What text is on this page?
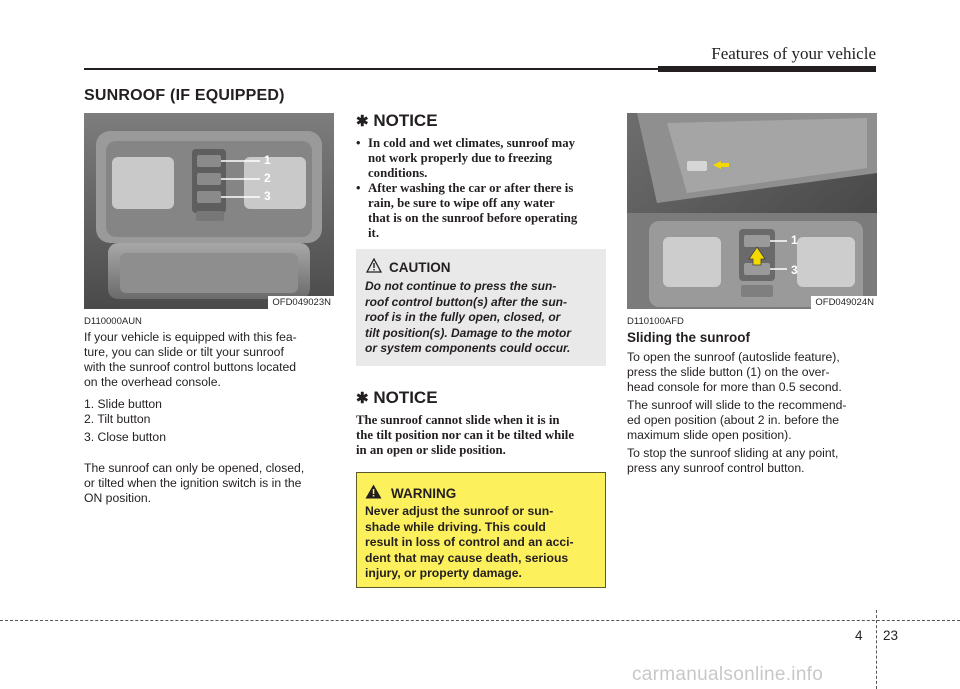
Features of your vehicle
SUNROOF (IF EQUIPPED)
1
2
3
OFD049023N
D110000AUN
If your vehicle is equipped with this fea-
ture, you can slide or tilt your sunroof
with the sunroof control buttons located
on the overhead console.
1. Slide button
2. Tilt button
3. Close button
The sunroof can only be opened, closed,
or tilted when the ignition switch is in the
ON position.
✱ NOTICE
• In cold and wet climates, sunroof may
not work properly due to freezing
conditions.
• After washing the car or after there is
rain, be sure to wipe off any water
that is on the sunroof before operating
it.
CAUTION
Do not continue to press the sun-
roof control button(s) after the sun-
roof is in the fully open, closed, or
tilt position(s). Damage to the motor
or system components could occur.
✱ NOTICE
The sunroof cannot slide when it is in
the tilt position nor can it be tilted while
in an open or slide position.
WARNING
Never adjust the sunroof or sun-
shade while driving. This could
result in loss of control and an acci-
dent that may cause death, serious
injury, or property damage.
1
3
OFD049024N
D110100AFD
Sliding the sunroof
To open the sunroof (autoslide feature),
press the slide button (1) on the over-
head console for more than 0.5 second.
The sunroof will slide to the recommend-
ed open position (about 2 in. before the
maximum slide open position).
To stop the sunroof sliding at any point,
press any sunroof control button.
4 23
carmanualsonline.info
